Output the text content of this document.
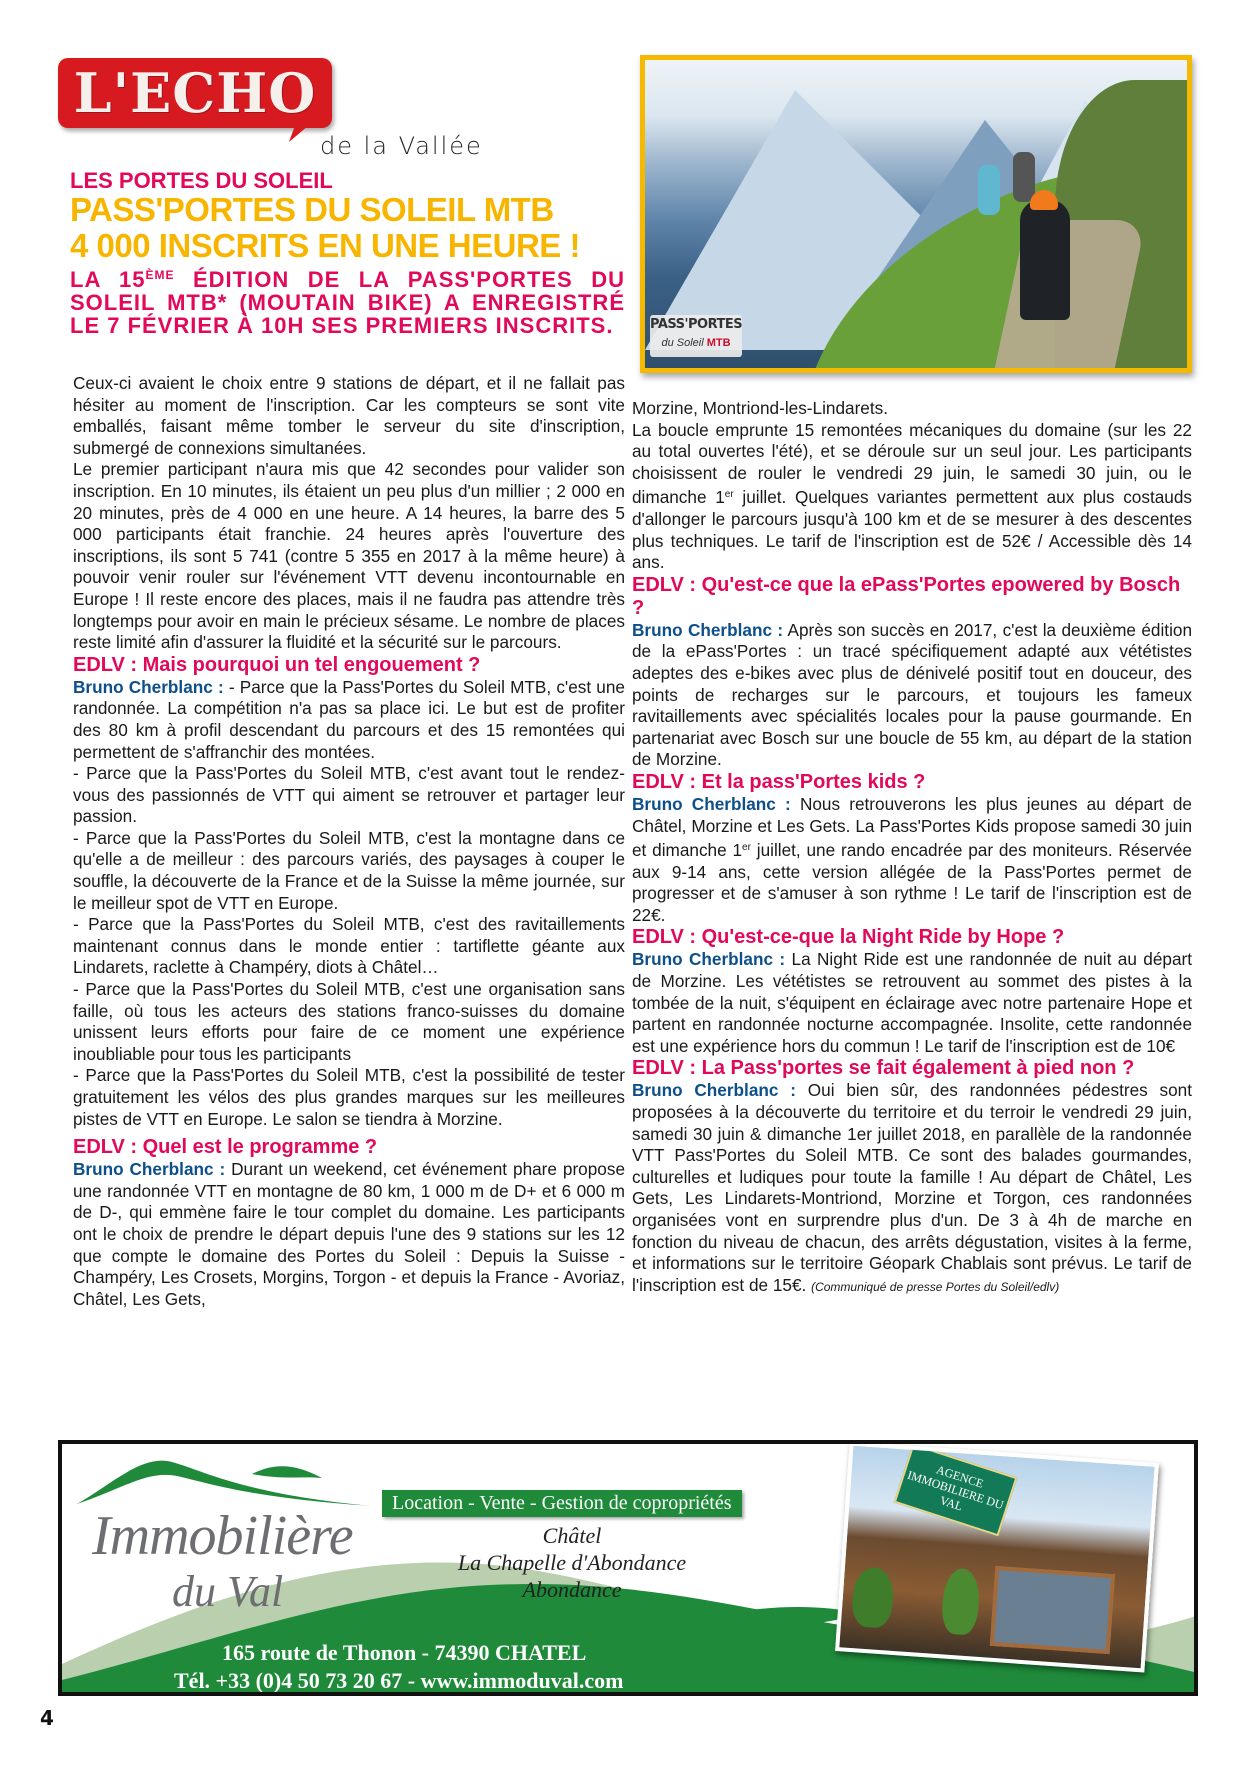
L'ECHO
de la Vallée
LES PORTES DU SOLEIL
PASS'PORTES DU SOLEIL MTB
4 000 INSCRITS EN UNE HEURE !
LA 15ÈME ÉDITION DE LA PASS'PORTES DU SOLEIL MTB* (MOUTAIN BIKE) A ENREGISTRÉ LE 7 FÉVRIER À 10H SES PREMIERS INSCRITS.	PASS'PORTES
du Soleil MTB

Ceux-ci avaient le choix entre 9 stations de départ, et il ne fallait pas hésiter au moment de l'inscription. Car les compteurs se sont vite emballés, faisant même tomber le serveur du site d'inscription, submergé de connexions simultanées.

Le premier participant n'aura mis que 42 secondes pour valider son inscription. En 10 minutes, ils étaient un peu plus d'un millier ; 2 000 en 20 minutes, près de 4 000 en une heure. A 14 heures, la barre des 5 000 participants était franchie. 24 heures après l'ouverture des inscriptions, ils sont 5 741 (contre 5 355 en 2017 à la même heure) à pouvoir venir rouler sur l'événement VTT devenu incontournable en Europe ! Il reste encore des places, mais il ne faudra pas attendre très longtemps pour avoir en main le précieux sésame. Le nombre de places reste limité afin d'assurer la fluidité et la sécurité sur le parcours.

EDLV : Mais pourquoi un tel engouement ?

Bruno Cherblanc : - Parce que la Pass'Portes du Soleil MTB, c'est une randonnée. La compétition n'a pas sa place ici. Le but est de profiter des 80 km à profil descendant du parcours et des 15 remontées qui permettent de s'affranchir des montées.

- Parce que la Pass'Portes du Soleil MTB, c'est avant tout le rendez-vous des passionnés de VTT qui aiment se retrouver et partager leur passion.

- Parce que la Pass'Portes du Soleil MTB, c'est la montagne dans ce qu'elle a de meilleur : des parcours variés, des paysages à couper le souffle, la découverte de la France et de la Suisse la même journée, sur le meilleur spot de VTT en Europe.

- Parce que la Pass'Portes du Soleil MTB, c'est des ravitaillements maintenant connus dans le monde entier : tartiflette géante aux Lindarets, raclette à Champéry, diots à Châtel…

- Parce que la Pass'Portes du Soleil MTB, c'est une organisation sans faille, où tous les acteurs des stations franco-suisses du domaine unissent leurs efforts pour faire de ce moment une expérience inoubliable pour tous les participants

- Parce que la Pass'Portes du Soleil MTB, c'est la possibilité de tester gratuitement les vélos des plus grandes marques sur les meilleures pistes de VTT en Europe. Le salon se tiendra à Morzine.

EDLV : Quel est le programme ?

Bruno Cherblanc : Durant un weekend, cet événement phare propose une randonnée VTT en montagne de 80 km, 1 000 m de D+ et 6 000 m de D-, qui emmène faire le tour complet du domaine. Les participants ont le choix de prendre le départ depuis l'une des 9 stations sur les 12 que compte le domaine des Portes du Soleil : Depuis la Suisse - Champéry, Les Crosets, Morgins, Torgon - et depuis la France - Avoriaz, Châtel, Les Gets,

Morzine, Montriond-les-Lindarets.

La boucle emprunte 15 remontées mécaniques du domaine (sur les 22 au total ouvertes l'été), et se déroule sur un seul jour. Les participants choisissent de rouler le vendredi 29 juin, le samedi 30 juin, ou le dimanche 1er juillet. Quelques variantes permettent aux plus costauds d'allonger le parcours jusqu'à 100 km et de se mesurer à des descentes plus techniques. Le tarif de l'inscription est de 52€ / Accessible dès 14 ans.

EDLV : Qu'est-ce que la ePass'Portes epowered by Bosch ?

Bruno Cherblanc : Après son succès en 2017, c'est la deuxième édition de la ePass'Portes : un tracé spécifiquement adapté aux vététistes adeptes des e-bikes avec plus de dénivelé positif tout en douceur, des points de recharges sur le parcours, et toujours les fameux ravitaillements avec spécialités locales pour la pause gourmande. En partenariat avec Bosch sur une boucle de 55 km, au départ de la station de Morzine.

EDLV : Et la pass'Portes kids ?

Bruno Cherblanc : Nous retrouverons les plus jeunes au départ de Châtel, Morzine et Les Gets. La Pass'Portes Kids propose samedi 30 juin et dimanche 1er juillet, une rando encadrée par des moniteurs. Réservée aux 9-14 ans, cette version allégée de la Pass'Portes permet de progresser et de s'amuser à son rythme ! Le tarif de l'inscription est de 22€.

EDLV : Qu'est-ce-que la Night Ride by Hope ?

Bruno Cherblanc : La Night Ride est une randonnée de nuit au départ de Morzine. Les vététistes se retrouvent au sommet des pistes à la tombée de la nuit, s'équipent en éclairage avec notre partenaire Hope et partent en randonnée nocturne accompagnée. Insolite, cette randonnée est une expérience hors du commun ! Le tarif de l'inscription est de 10€

EDLV : La Pass'portes se fait également à pied non ?

Bruno Cherblanc : Oui bien sûr, des randonnées pédestres sont proposées à la découverte du territoire et du terroir le vendredi 29 juin, samedi 30 juin & dimanche 1er juillet 2018, en parallèle de la randonnée VTT Pass'Portes du Soleil MTB. Ce sont des balades gourmandes, culturelles et ludiques pour toute la famille ! Au départ de Châtel, Les Gets, Les Lindarets-Montriond, Morzine et Torgon, ces randonnées organisées vont en surprendre plus d'un. De 3 à 4h de marche en fonction du niveau de chacun, des arrêts dégustation, visites à la ferme, et informations sur le territoire Géopark Chablais sont prévus. Le tarif de l'inscription est de 15€. (Communiqué de presse Portes du Soleil/edlv)

Immobilière
du Val
Location - Vente - Gestion de copropriétés
Châtel
La Chapelle d'Abondance
Abondance
AGENCE IMMOBILIERE DU VAL
165 route de Thonon - 74390 CHATEL
Tél. +33 (0)4 50 73 20 67 - www.immoduval.com
4
